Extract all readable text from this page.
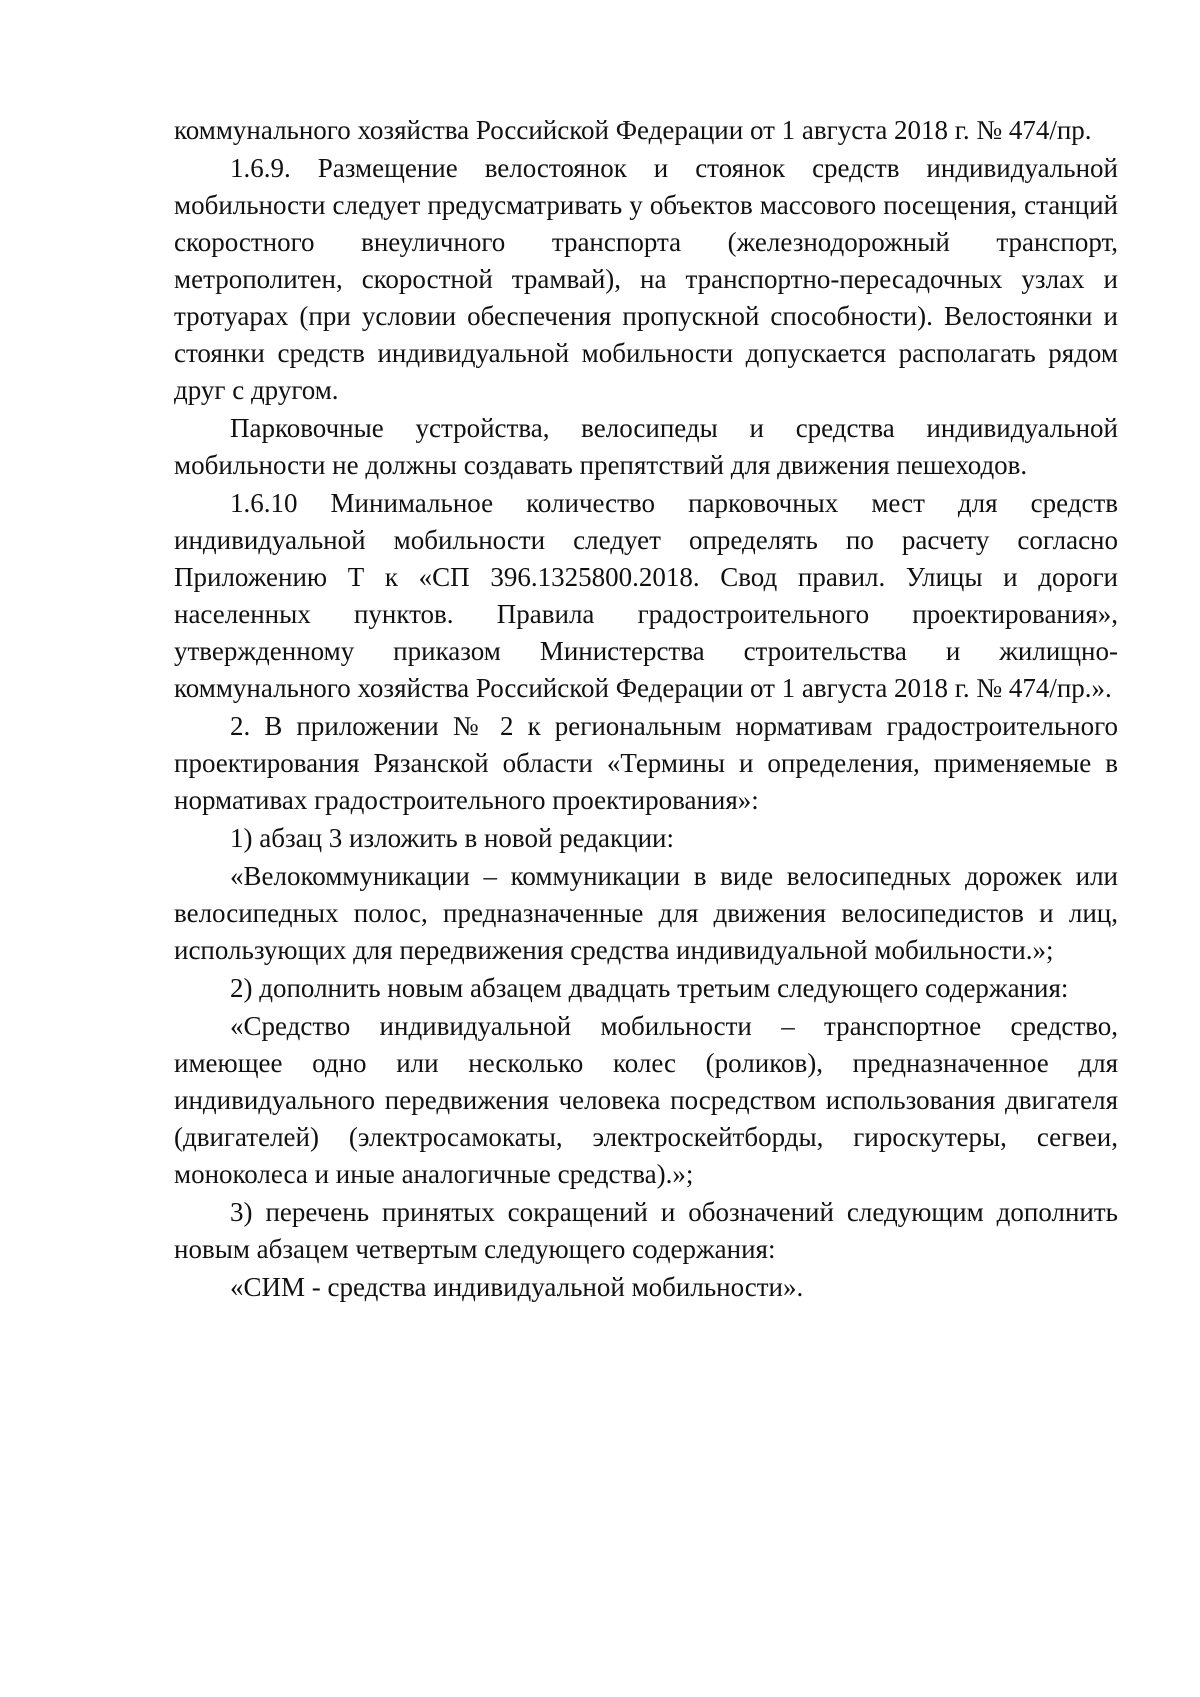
коммунального хозяйства Российской Федерации от 1 августа 2018 г. № 474/пр.

1.6.9. Размещение велостоянок и стоянок средств индивидуальной мобильности следует предусматривать у объектов массового посещения, станций скоростного внеуличного транспорта (железнодорожный транспорт, метрополитен, скоростной трамвай), на транспортно-пересадочных узлах и тротуарах (при условии обеспечения пропускной способности). Велостоянки и стоянки средств индивидуальной мобильности допускается располагать рядом друг с другом.

Парковочные устройства, велосипеды и средства индивидуальной мобильности не должны создавать препятствий для движения пешеходов.

1.6.10 Минимальное количество парковочных мест для средств индивидуальной мобильности следует определять по расчету согласно Приложению Т к «СП 396.1325800.2018. Свод правил. Улицы и дороги населенных пунктов. Правила градостроительного проектирования», утвержденному приказом Министерства строительства и жилищно-коммунального хозяйства Российской Федерации от 1 августа 2018 г. № 474/пр.».

2. В приложении № 2 к региональным нормативам градостроительного проектирования Рязанской области «Термины и определения, применяемые в нормативах градостроительного проектирования»:

1) абзац 3 изложить в новой редакции:

«Велокоммуникации – коммуникации в виде велосипедных дорожек или велосипедных полос, предназначенные для движения велосипедистов и лиц, использующих для передвижения средства индивидуальной мобильности.»;

2) дополнить новым абзацем двадцать третьим следующего содержания:

«Средство индивидуальной мобильности – транспортное средство, имеющее одно или несколько колес (роликов), предназначенное для индивидуального передвижения человека посредством использования двигателя (двигателей) (электросамокаты, электроскейтборды, гироскутеры, сегвеи, моноколеса и иные аналогичные средства).»;

3) перечень принятых сокращений и обозначений следующим дополнить новым абзацем четвертым следующего содержания:

«СИМ - средства индивидуальной мобильности».
